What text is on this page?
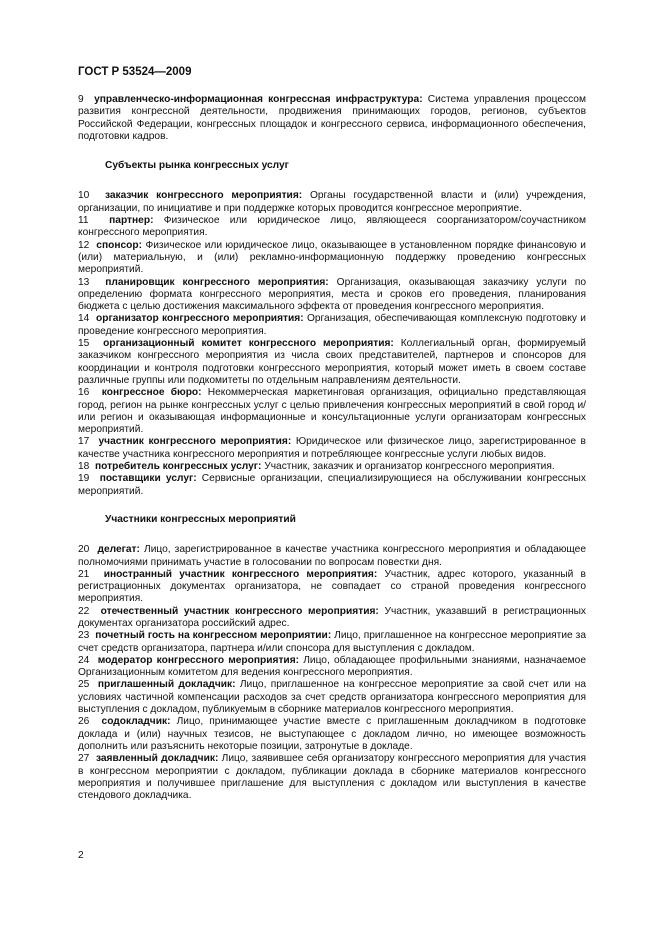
ГОСТ Р 53524—2009

9 управленческо-информационная конгрессная инфраструктура: Система управления процессом развития конгрессной деятельности, продвижения принимающих городов, регионов, субъектов Российской Федерации, конгрессных площадок и конгрессного сервиса, информационного обеспечения, подготовки кадров.

Субъекты рынка конгрессных услуг

10 заказчик конгрессного мероприятия: Органы государственной власти и (или) учреждения, организации, по инициативе и при поддержке которых проводится конгрессное мероприятие.

11 партнер: Физическое или юридическое лицо, являющееся соорганизатором/соучастником конгрессного мероприятия.

12 спонсор: Физическое или юридическое лицо, оказывающее в установленном порядке финансовую и (или) материальную, и (или) рекламно-информационную поддержку проведению конгрессных мероприятий.

13 планировщик конгрессного мероприятия: Организация, оказывающая заказчику услуги по определению формата конгрессного мероприятия, места и сроков его проведения, планирования бюджета с целью достижения максимального эффекта от проведения конгрессного мероприятия.

14 организатор конгрессного мероприятия: Организация, обеспечивающая комплексную подготовку и проведение конгрессного мероприятия.

15 организационный комитет конгрессного мероприятия: Коллегиальный орган, формируемый заказчиком конгрессного мероприятия из числа своих представителей, партнеров и спонсоров для координации и контроля подготовки конгрессного мероприятия, который может иметь в своем составе различные группы или подкомитеты по отдельным направлениям деятельности.

16 конгрессное бюро: Некоммерческая маркетинговая организация, официально представляющая город, регион на рынке конгрессных услуг с целью привлечения конгрессных мероприятий в свой город и/или регион и оказывающая информационные и консультационные услуги организаторам конгрессных мероприятий.

17 участник конгрессного мероприятия: Юридическое или физическое лицо, зарегистрированное в качестве участника конгрессного мероприятия и потребляющее конгрессные услуги любых видов.

18 потребитель конгрессных услуг: Участник, заказчик и организатор конгрессного мероприятия.

19 поставщики услуг: Сервисные организации, специализирующиеся на обслуживании конгрессных мероприятий.

Участники конгрессных мероприятий

20 делегат: Лицо, зарегистрированное в качестве участника конгрессного мероприятия и обладающее полномочиями принимать участие в голосовании по вопросам повестки дня.

21 иностранный участник конгрессного мероприятия: Участник, адрес которого, указанный в регистрационных документах организатора, не совпадает со страной проведения конгрессного мероприятия.

22 отечественный участник конгрессного мероприятия: Участник, указавший в регистрационных документах организатора российский адрес.

23 почетный гость на конгрессном мероприятии: Лицо, приглашенное на конгрессное мероприятие за счет средств организатора, партнера и/или спонсора для выступления с докладом.

24 модератор конгрессного мероприятия: Лицо, обладающее профильными знаниями, назначаемое Организационным комитетом для ведения конгрессного мероприятия.

25 приглашенный докладчик: Лицо, приглашенное на конгрессное мероприятие за свой счет или на условиях частичной компенсации расходов за счет средств организатора конгрессного мероприятия для выступления с докладом, публикуемым в сборнике материалов конгрессного мероприятия.

26 содокладчик: Лицо, принимающее участие вместе с приглашенным докладчиком в подготовке доклада и (или) научных тезисов, не выступающее с докладом лично, но имеющее возможность дополнить или разъяснить некоторые позиции, затронутые в докладе.

27 заявленный докладчик: Лицо, заявившее себя организатору конгрессного мероприятия для участия в конгрессном мероприятии с докладом, публикации доклада в сборнике материалов конгрессного мероприятия и получившее приглашение для выступления с докладом или выступления в качестве стендового докладчика.

2
